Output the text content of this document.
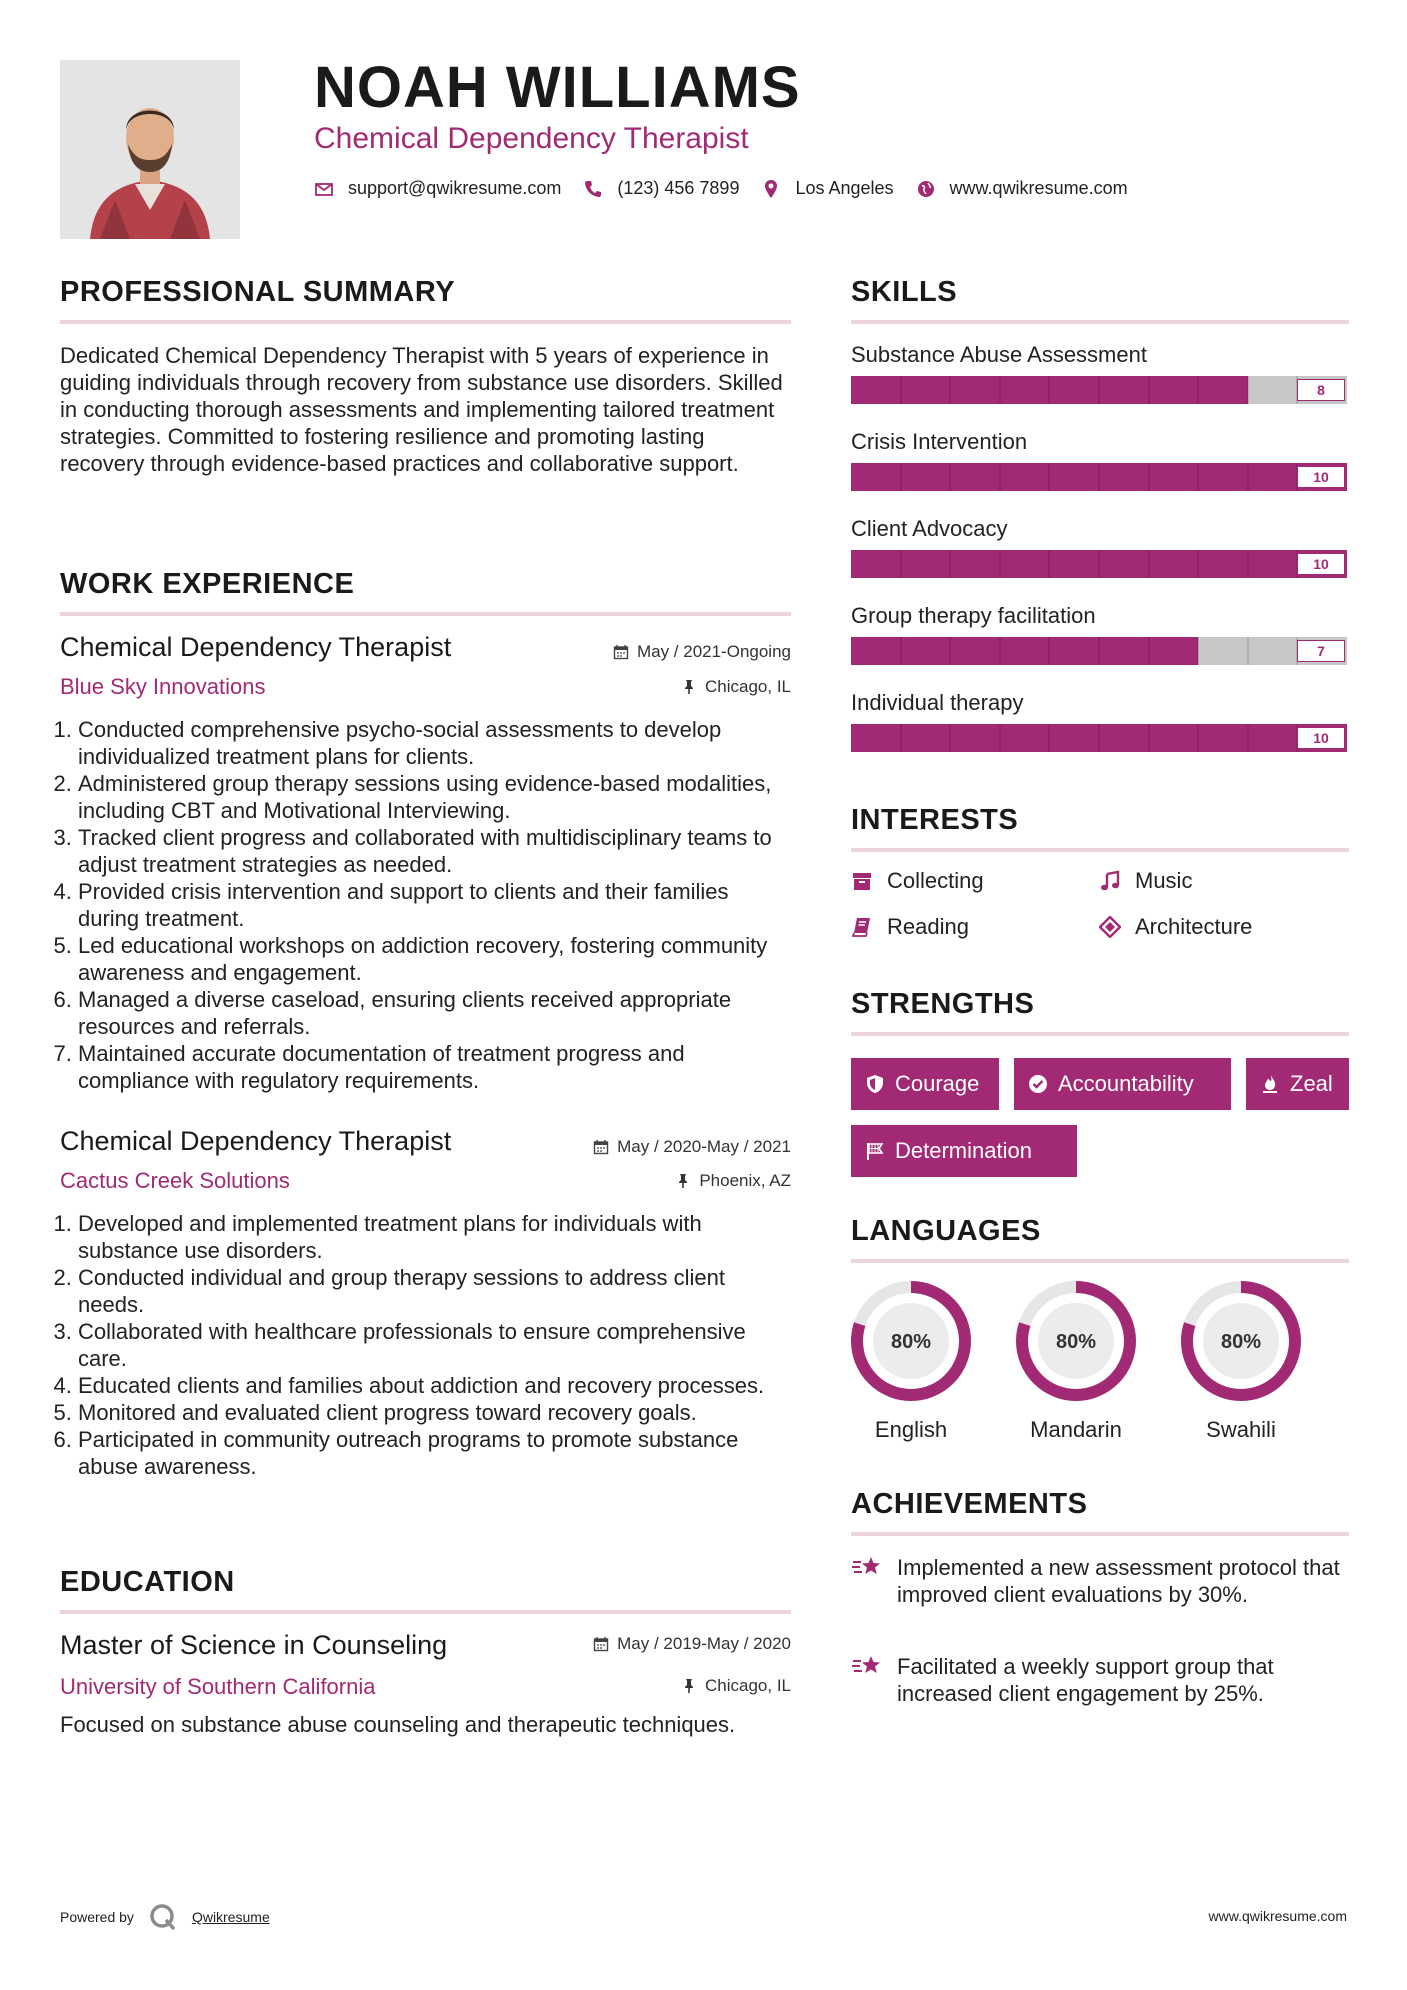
NOAH WILLIAMS
Chemical Dependency Therapist
support@qwikresume.com	(123) 456 7899	Los Angeles	www.qwikresume.com
PROFESSIONAL SUMMARY
Dedicated Chemical Dependency Therapist with 5 years of experience in guiding individuals through recovery from substance use disorders. Skilled in conducting thorough assessments and implementing tailored treatment strategies. Committed to fostering resilience and promoting lasting recovery through evidence-based practices and collaborative support.
WORK EXPERIENCE
Chemical Dependency Therapist	May / 2021-Ongoing
Blue Sky Innovations	Chicago, IL
1. Conducted comprehensive psycho-social assessments to develop individualized treatment plans for clients.
2. Administered group therapy sessions using evidence-based modalities, including CBT and Motivational Interviewing.
3. Tracked client progress and collaborated with multidisciplinary teams to adjust treatment strategies as needed.
4. Provided crisis intervention and support to clients and their families during treatment.
5. Led educational workshops on addiction recovery, fostering community awareness and engagement.
6. Managed a diverse caseload, ensuring clients received appropriate resources and referrals.
7. Maintained accurate documentation of treatment progress and compliance with regulatory requirements.
Chemical Dependency Therapist	May / 2020-May / 2021
Cactus Creek Solutions	Phoenix, AZ
1. Developed and implemented treatment plans for individuals with substance use disorders.
2. Conducted individual and group therapy sessions to address client needs.
3. Collaborated with healthcare professionals to ensure comprehensive care.
4. Educated clients and families about addiction and recovery processes.
5. Monitored and evaluated client progress toward recovery goals.
6. Participated in community outreach programs to promote substance abuse awareness.
EDUCATION
Master of Science in Counseling	May / 2019-May / 2020
University of Southern California	Chicago, IL
Focused on substance abuse counseling and therapeutic techniques.
SKILLS
Substance Abuse Assessment
8
Crisis Intervention
10
Client Advocacy
10
Group therapy facilitation
7
Individual therapy
10
INTERESTS
Collecting	Music
Reading	Architecture
STRENGTHS
Courage	Accountability	Zeal
Determination
LANGUAGES
80%
English
80%
Mandarin
80%
Swahili
ACHIEVEMENTS
Implemented a new assessment protocol that improved client evaluations by 30%.
Facilitated a weekly support group that increased client engagement by 25%.
Powered by	Qwikresume	www.qwikresume.com
